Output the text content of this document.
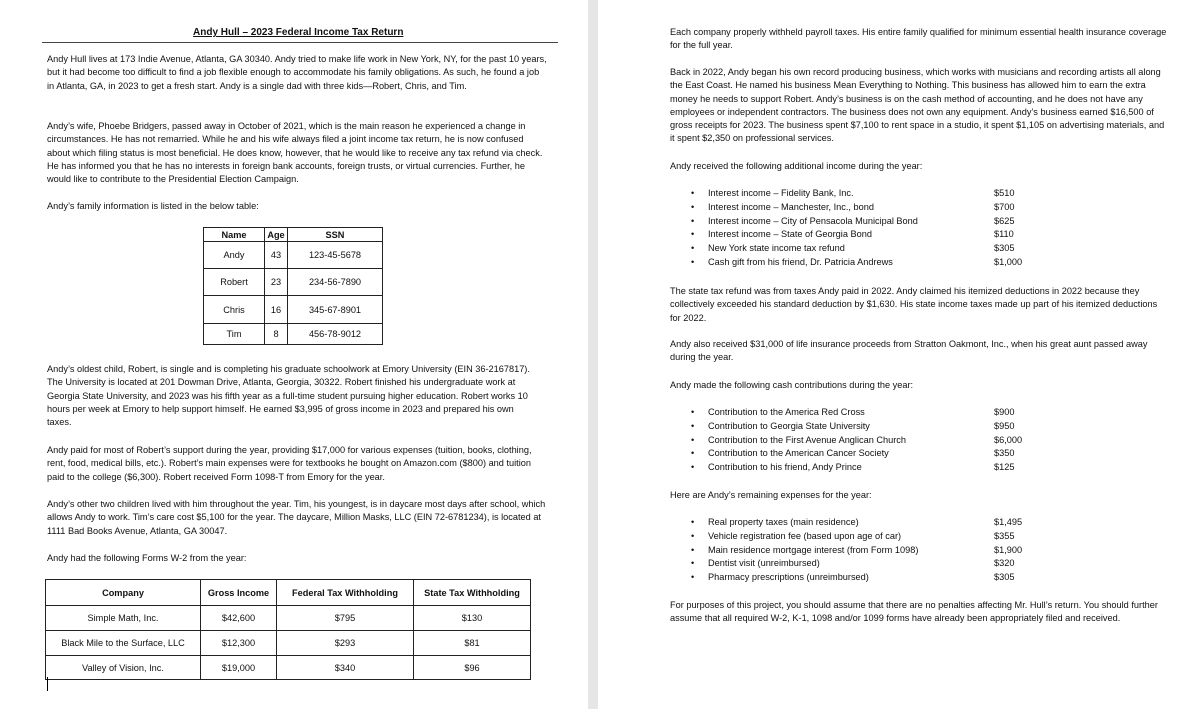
Andy Hull – 2023 Federal Income Tax Return

Andy Hull lives at 173 Indie Avenue, Atlanta, GA 30340. Andy tried to make life work in New York, NY, for the past 10 years, but it had become too difficult to find a job flexible enough to accommodate his family obligations. As such, he found a job in Atlanta, GA, in 2023 to get a fresh start. Andy is a single dad with three kids—Robert, Chris, and Tim.

Andy’s wife, Phoebe Bridgers, passed away in October of 2021, which is the main reason he experienced a change in circumstances. He has not remarried. While he and his wife always filed a joint income tax return, he is now confused about which filing status is most beneficial. He does know, however, that he would like to receive any tax refund via check. He has informed you that he has no interests in foreign bank accounts, foreign trusts, or virtual currencies. Further, he would like to contribute to the Presidential Election Campaign.

Andy’s family information is listed in the below table:

Name	Age	SSN
Andy	43	123-45-5678
Robert	23	234-56-7890
Chris	16	345-67-8901
Tim	8	456-78-9012

Andy’s oldest child, Robert, is single and is completing his graduate schoolwork at Emory University (EIN 36-2167817). The University is located at 201 Dowman Drive, Atlanta, Georgia, 30322. Robert finished his undergraduate work at Georgia State University, and 2023 was his fifth year as a full-time student pursuing higher education. Robert works 10 hours per week at Emory to help support himself. He earned $3,995 of gross income in 2023 and prepared his own taxes.

Andy paid for most of Robert’s support during the year, providing $17,000 for various expenses (tuition, books, clothing, rent, food, medical bills, etc.). Robert’s main expenses were for textbooks he bought on Amazon.com ($800) and tuition paid to the college ($6,300). Robert received Form 1098-T from Emory for the year.

Andy’s other two children lived with him throughout the year. Tim, his youngest, is in daycare most days after school, which allows Andy to work. Tim’s care cost $5,100 for the year. The daycare, Million Masks, LLC (EIN 72-6781234), is located at 1111 Bad Books Avenue, Atlanta, GA 30047.

Andy had the following Forms W-2 from the year:

Company	Gross Income	Federal Tax Withholding	State Tax Withholding
Simple Math, Inc.	$42,600	$795	$130
Black Mile to the Surface, LLC	$12,300	$293	$81
Valley of Vision, Inc.	$19,000	$340	$96

Each company properly withheld payroll taxes. His entire family qualified for minimum essential health insurance coverage for the full year.

Back in 2022, Andy began his own record producing business, which works with musicians and recording artists all along the East Coast. He named his business Mean Everything to Nothing. This business has allowed him to earn the extra money he needs to support Robert. Andy’s business is on the cash method of accounting, and he does not have any employees or independent contractors. The business does not own any equipment. Andy’s business earned $16,500 of gross receipts for 2023. The business spent $7,100 to rent space in a studio, it spent $1,105 on advertising materials, and it spent $2,350 on professional services.

Andy received the following additional income during the year:

• Interest income – Fidelity Bank, Inc.	$510
• Interest income – Manchester, Inc., bond	$700
• Interest income – City of Pensacola Municipal Bond	$625
• Interest income – State of Georgia Bond	$110
• New York state income tax refund	$305
• Cash gift from his friend, Dr. Patricia Andrews	$1,000

The state tax refund was from taxes Andy paid in 2022. Andy claimed his itemized deductions in 2022 because they collectively exceeded his standard deduction by $1,630. His state income taxes made up part of his itemized deductions for 2022.

Andy also received $31,000 of life insurance proceeds from Stratton Oakmont, Inc., when his great aunt passed away during the year.

Andy made the following cash contributions during the year:

• Contribution to the America Red Cross	$900
• Contribution to Georgia State University	$950
• Contribution to the First Avenue Anglican Church	$6,000
• Contribution to the American Cancer Society	$350
• Contribution to his friend, Andy Prince	$125

Here are Andy’s remaining expenses for the year:

• Real property taxes (main residence)	$1,495
• Vehicle registration fee (based upon age of car)	$355
• Main residence mortgage interest (from Form 1098)	$1,900
• Dentist visit (unreimbursed)	$320
• Pharmacy prescriptions (unreimbursed)	$305

For purposes of this project, you should assume that there are no penalties affecting Mr. Hull’s return. You should further assume that all required W-2, K-1, 1098 and/or 1099 forms have already been appropriately filed and received.
